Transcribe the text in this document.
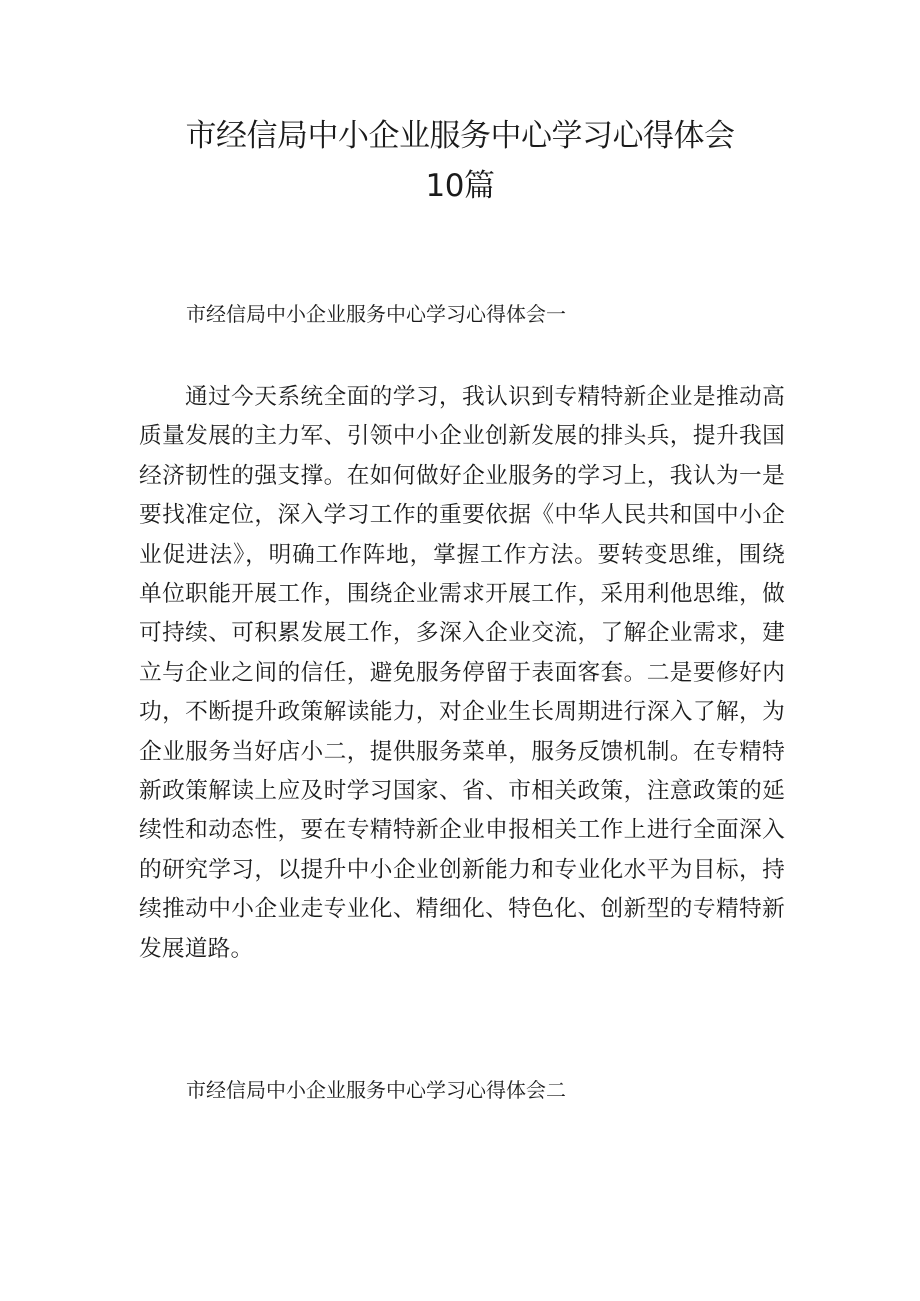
市经信局中小企业服务中心学习心得体会
10篇
市经信局中小企业服务中心学习心得体会一

通过今天系统全面的学习，我认识到专精特新企业是推动高质量发展的主力军、引领中小企业创新发展的排头兵，提升我国经济韧性的强支撑。在如何做好企业服务的学习上，我认为一是要找准定位，深入学习工作的重要依据《中华人民共和国中小企业促进法》，明确工作阵地，掌握工作方法。要转变思维，围绕单位职能开展工作，围绕企业需求开展工作，采用利他思维，做可持续、可积累发展工作，多深入企业交流，了解企业需求，建立与企业之间的信任，避免服务停留于表面客套。二是要修好内功，不断提升政策解读能力，对企业生长周期进行深入了解，为企业服务当好店小二，提供服务菜单，服务反馈机制。在专精特新政策解读上应及时学习国家、省、市相关政策，注意政策的延续性和动态性，要在专精特新企业申报相关工作上进行全面深入的研究学习，以提升中小企业创新能力和专业化水平为目标，持续推动中小企业走专业化、精细化、特色化、创新型的专精特新发展道路。

市经信局中小企业服务中心学习心得体会二
